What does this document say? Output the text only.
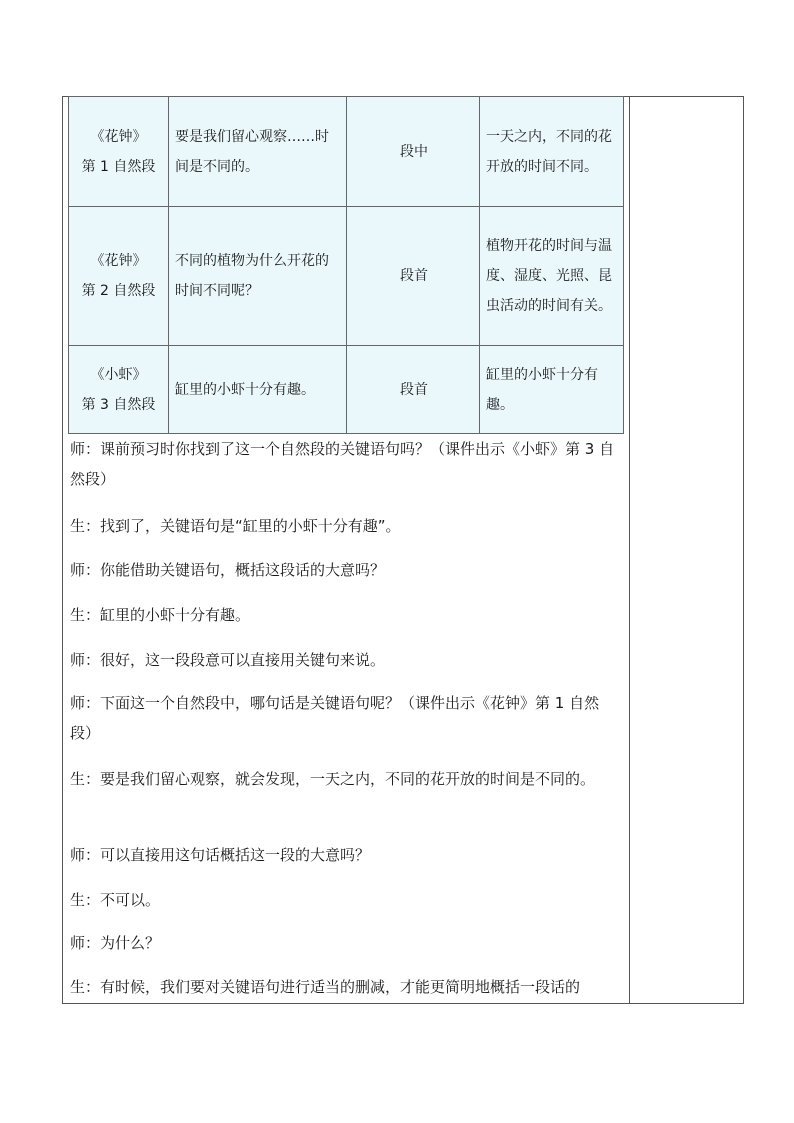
《花钟》
第 1 自然段	要是我们留心观察……时间是不同的。	段中	一天之内，不同的花开放的时间不同。
《花钟》
第 2 自然段	不同的植物为什么开花的时间不同呢？	段首	植物开花的时间与温度、湿度、光照、昆虫活动的时间有关。
《小虾》
第 3 自然段	缸里的小虾十分有趣。	段首	缸里的小虾十分有趣。

师：课前预习时你找到了这一个自然段的关键语句吗？（课件出示《小虾》第 3 自然段）

生：找到了，关键语句是“缸里的小虾十分有趣”。

师：你能借助关键语句，概括这段话的大意吗？

生：缸里的小虾十分有趣。

师：很好，这一段段意可以直接用关键句来说。

师：下面这一个自然段中，哪句话是关键语句呢？（课件出示《花钟》第 1 自然段）

生：要是我们留心观察，就会发现，一天之内，不同的花开放的时间是不同的。

师：可以直接用这句话概括这一段的大意吗？

生：不可以。

师：为什么？

生：有时候，我们要对关键语句进行适当的删减，才能更简明地概括一段话的
